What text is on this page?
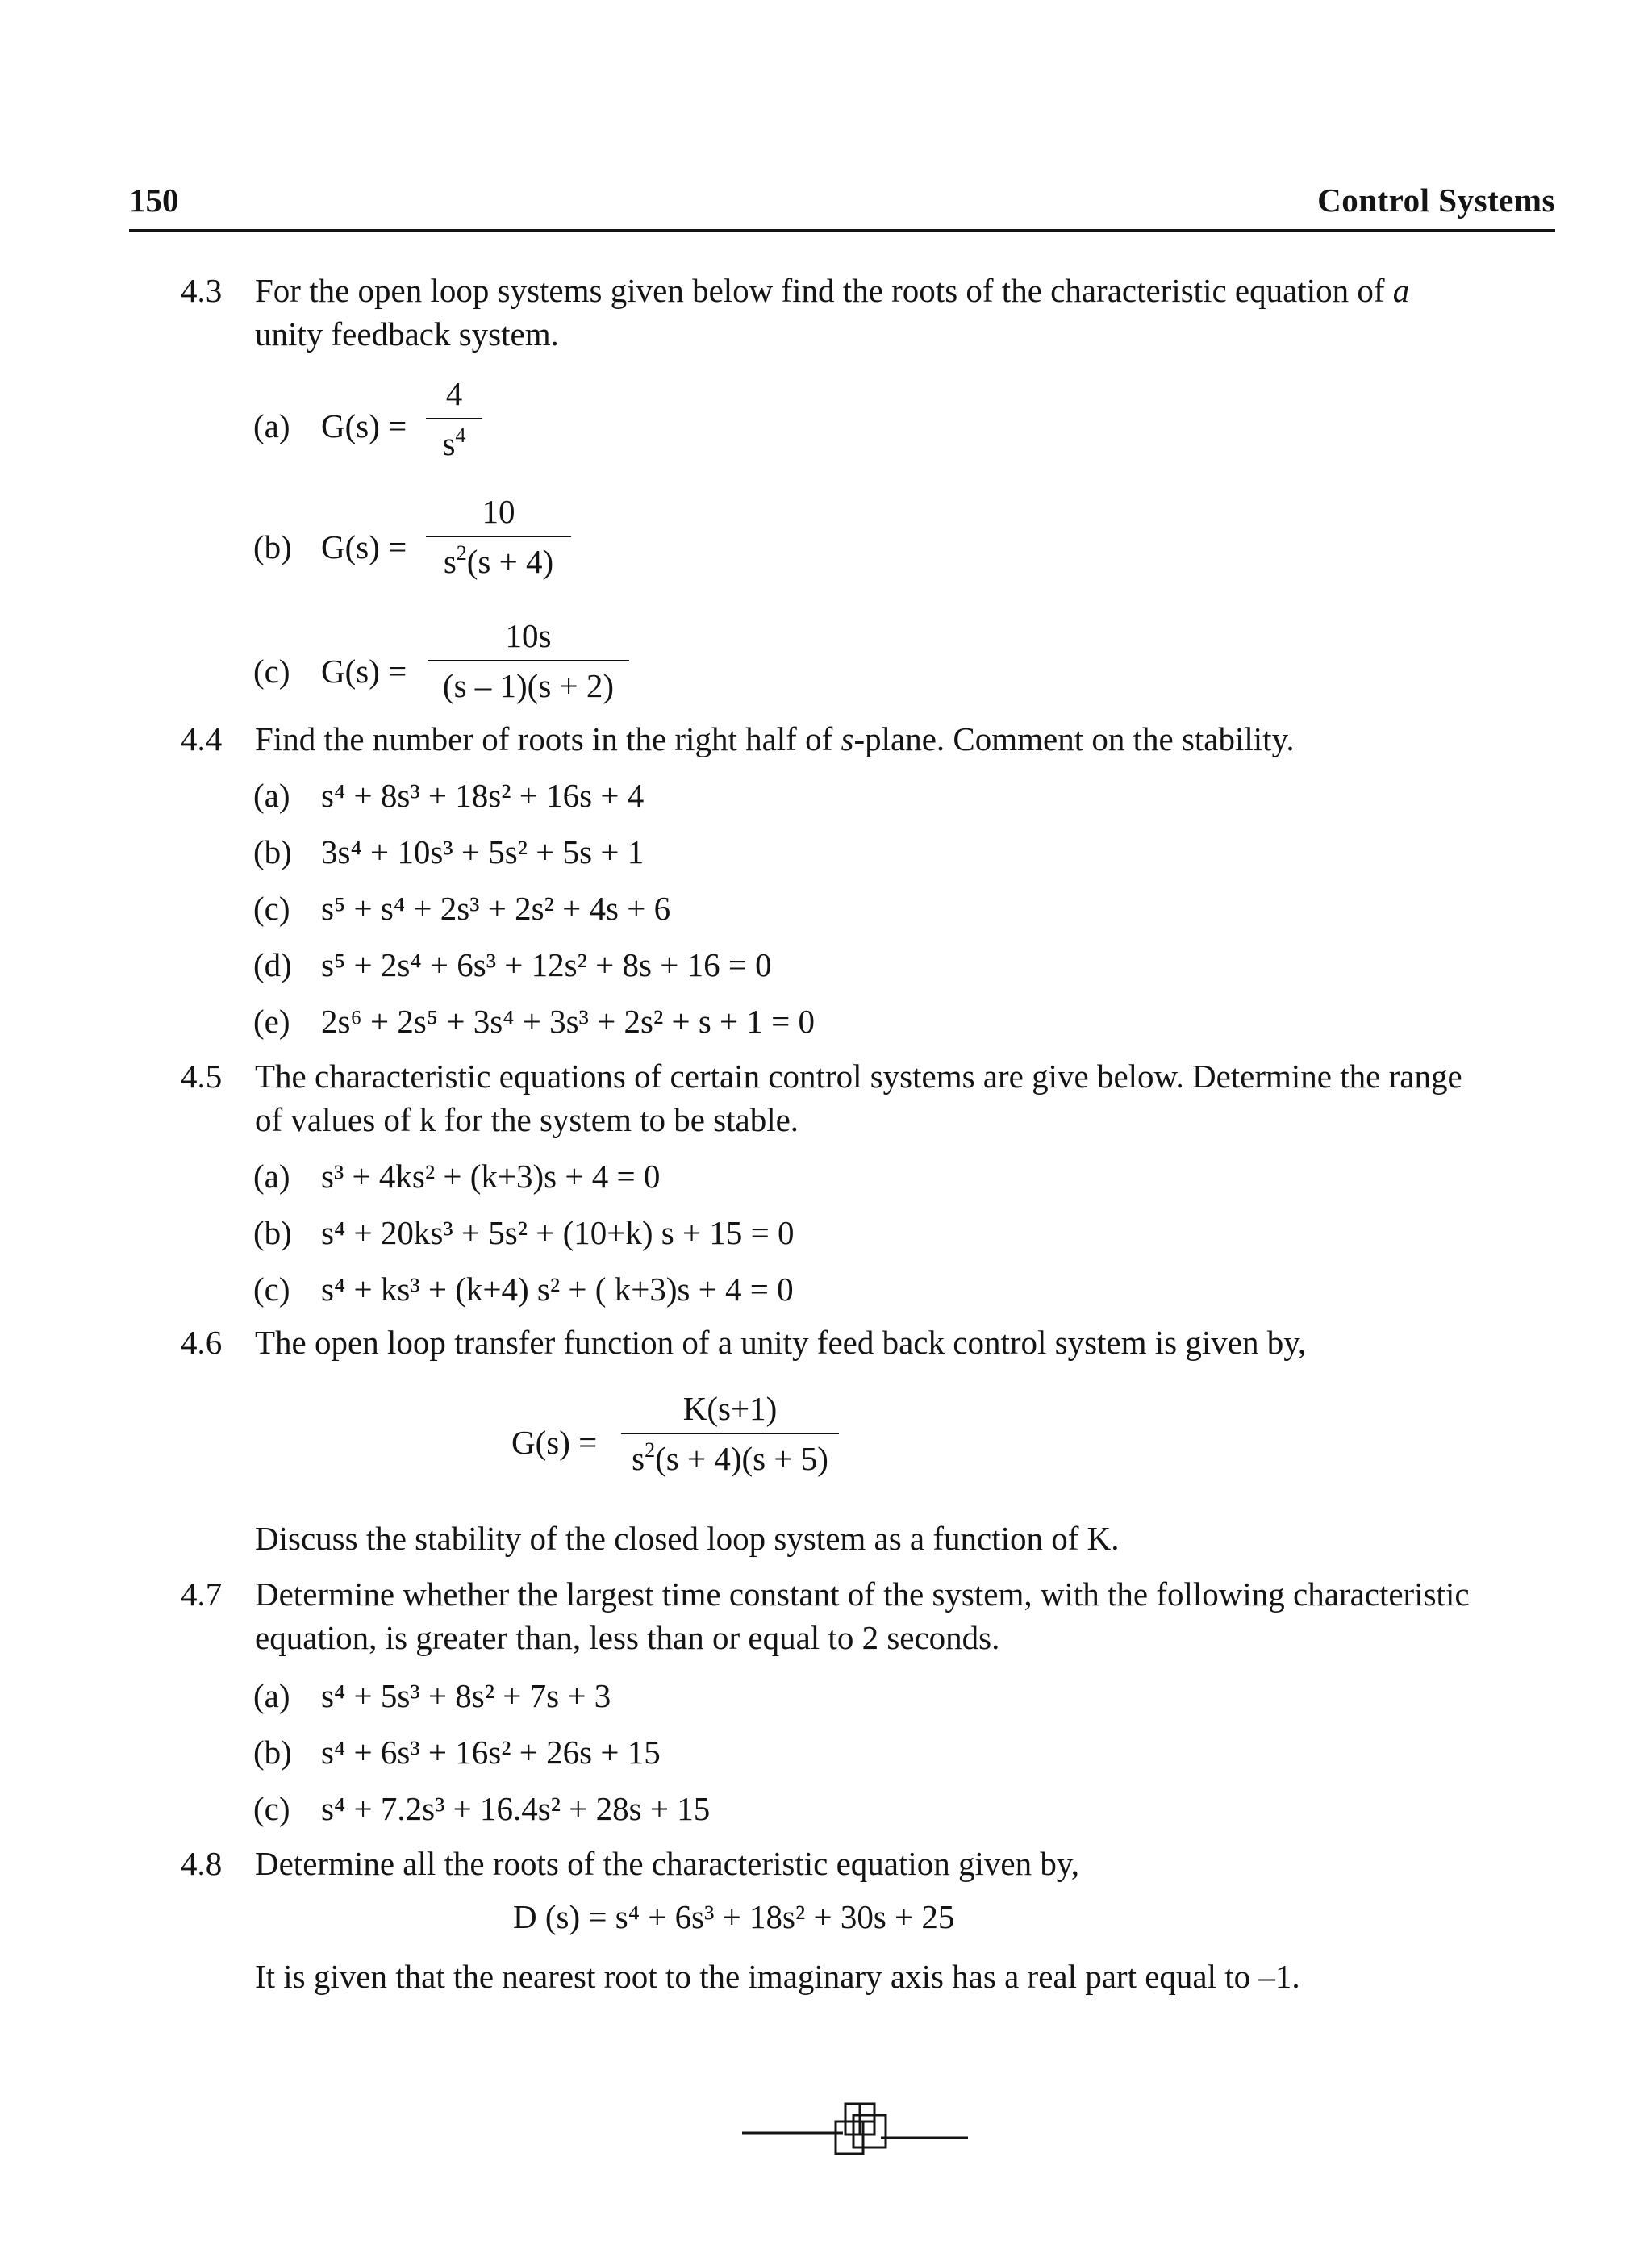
150	Control Systems
4.3 For the open loop systems given below find the roots of the characteristic equation of a
unity feedback system.
(a) G(s) =
4
$s^4$
(b) G(s) =
10
$s^2(s + 4)$
(c) G(s) =
10s
(s – 1)(s + 2)
4.4 Find the number of roots in the right half of s-plane. Comment on the stability.
(a) s⁴ + 8s³ + 18s² + 16s + 4
(b) 3s⁴ + 10s³ + 5s² + 5s + 1
(c) s⁵ + s⁴ + 2s³ + 2s² + 4s + 6
(d) s⁵ + 2s⁴ + 6s³ + 12s² + 8s + 16 = 0
(e) 2s⁶ + 2s⁵ + 3s⁴ + 3s³ + 2s² + s + 1 = 0
4.5 The characteristic equations of certain control systems are give below. Determine the range
of values of k for the system to be stable.
(a) s³ + 4ks² + (k+3)s + 4 = 0
(b) s⁴ + 20ks³ + 5s² + (10+k) s + 15 = 0
(c) s⁴ + ks³ + (k+4) s² + ( k+3)s + 4 = 0
4.6 The open loop transfer function of a unity feed back control system is given by,
G(s) =
K(s+1)
$s^2(s + 4)(s + 5)$
Discuss the stability of the closed loop system as a function of K.
4.7 Determine whether the largest time constant of the system, with the following characteristic
equation, is greater than, less than or equal to 2 seconds.
(a) s⁴ + 5s³ + 8s² + 7s + 3
(b) s⁴ + 6s³ + 16s² + 26s + 15
(c) s⁴ + 7.2s³ + 16.4s² + 28s + 15
4.8 Determine all the roots of the characteristic equation given by,
D (s) = s⁴ + 6s³ + 18s² + 30s + 25
It is given that the nearest root to the imaginary axis has a real part equal to –1.
